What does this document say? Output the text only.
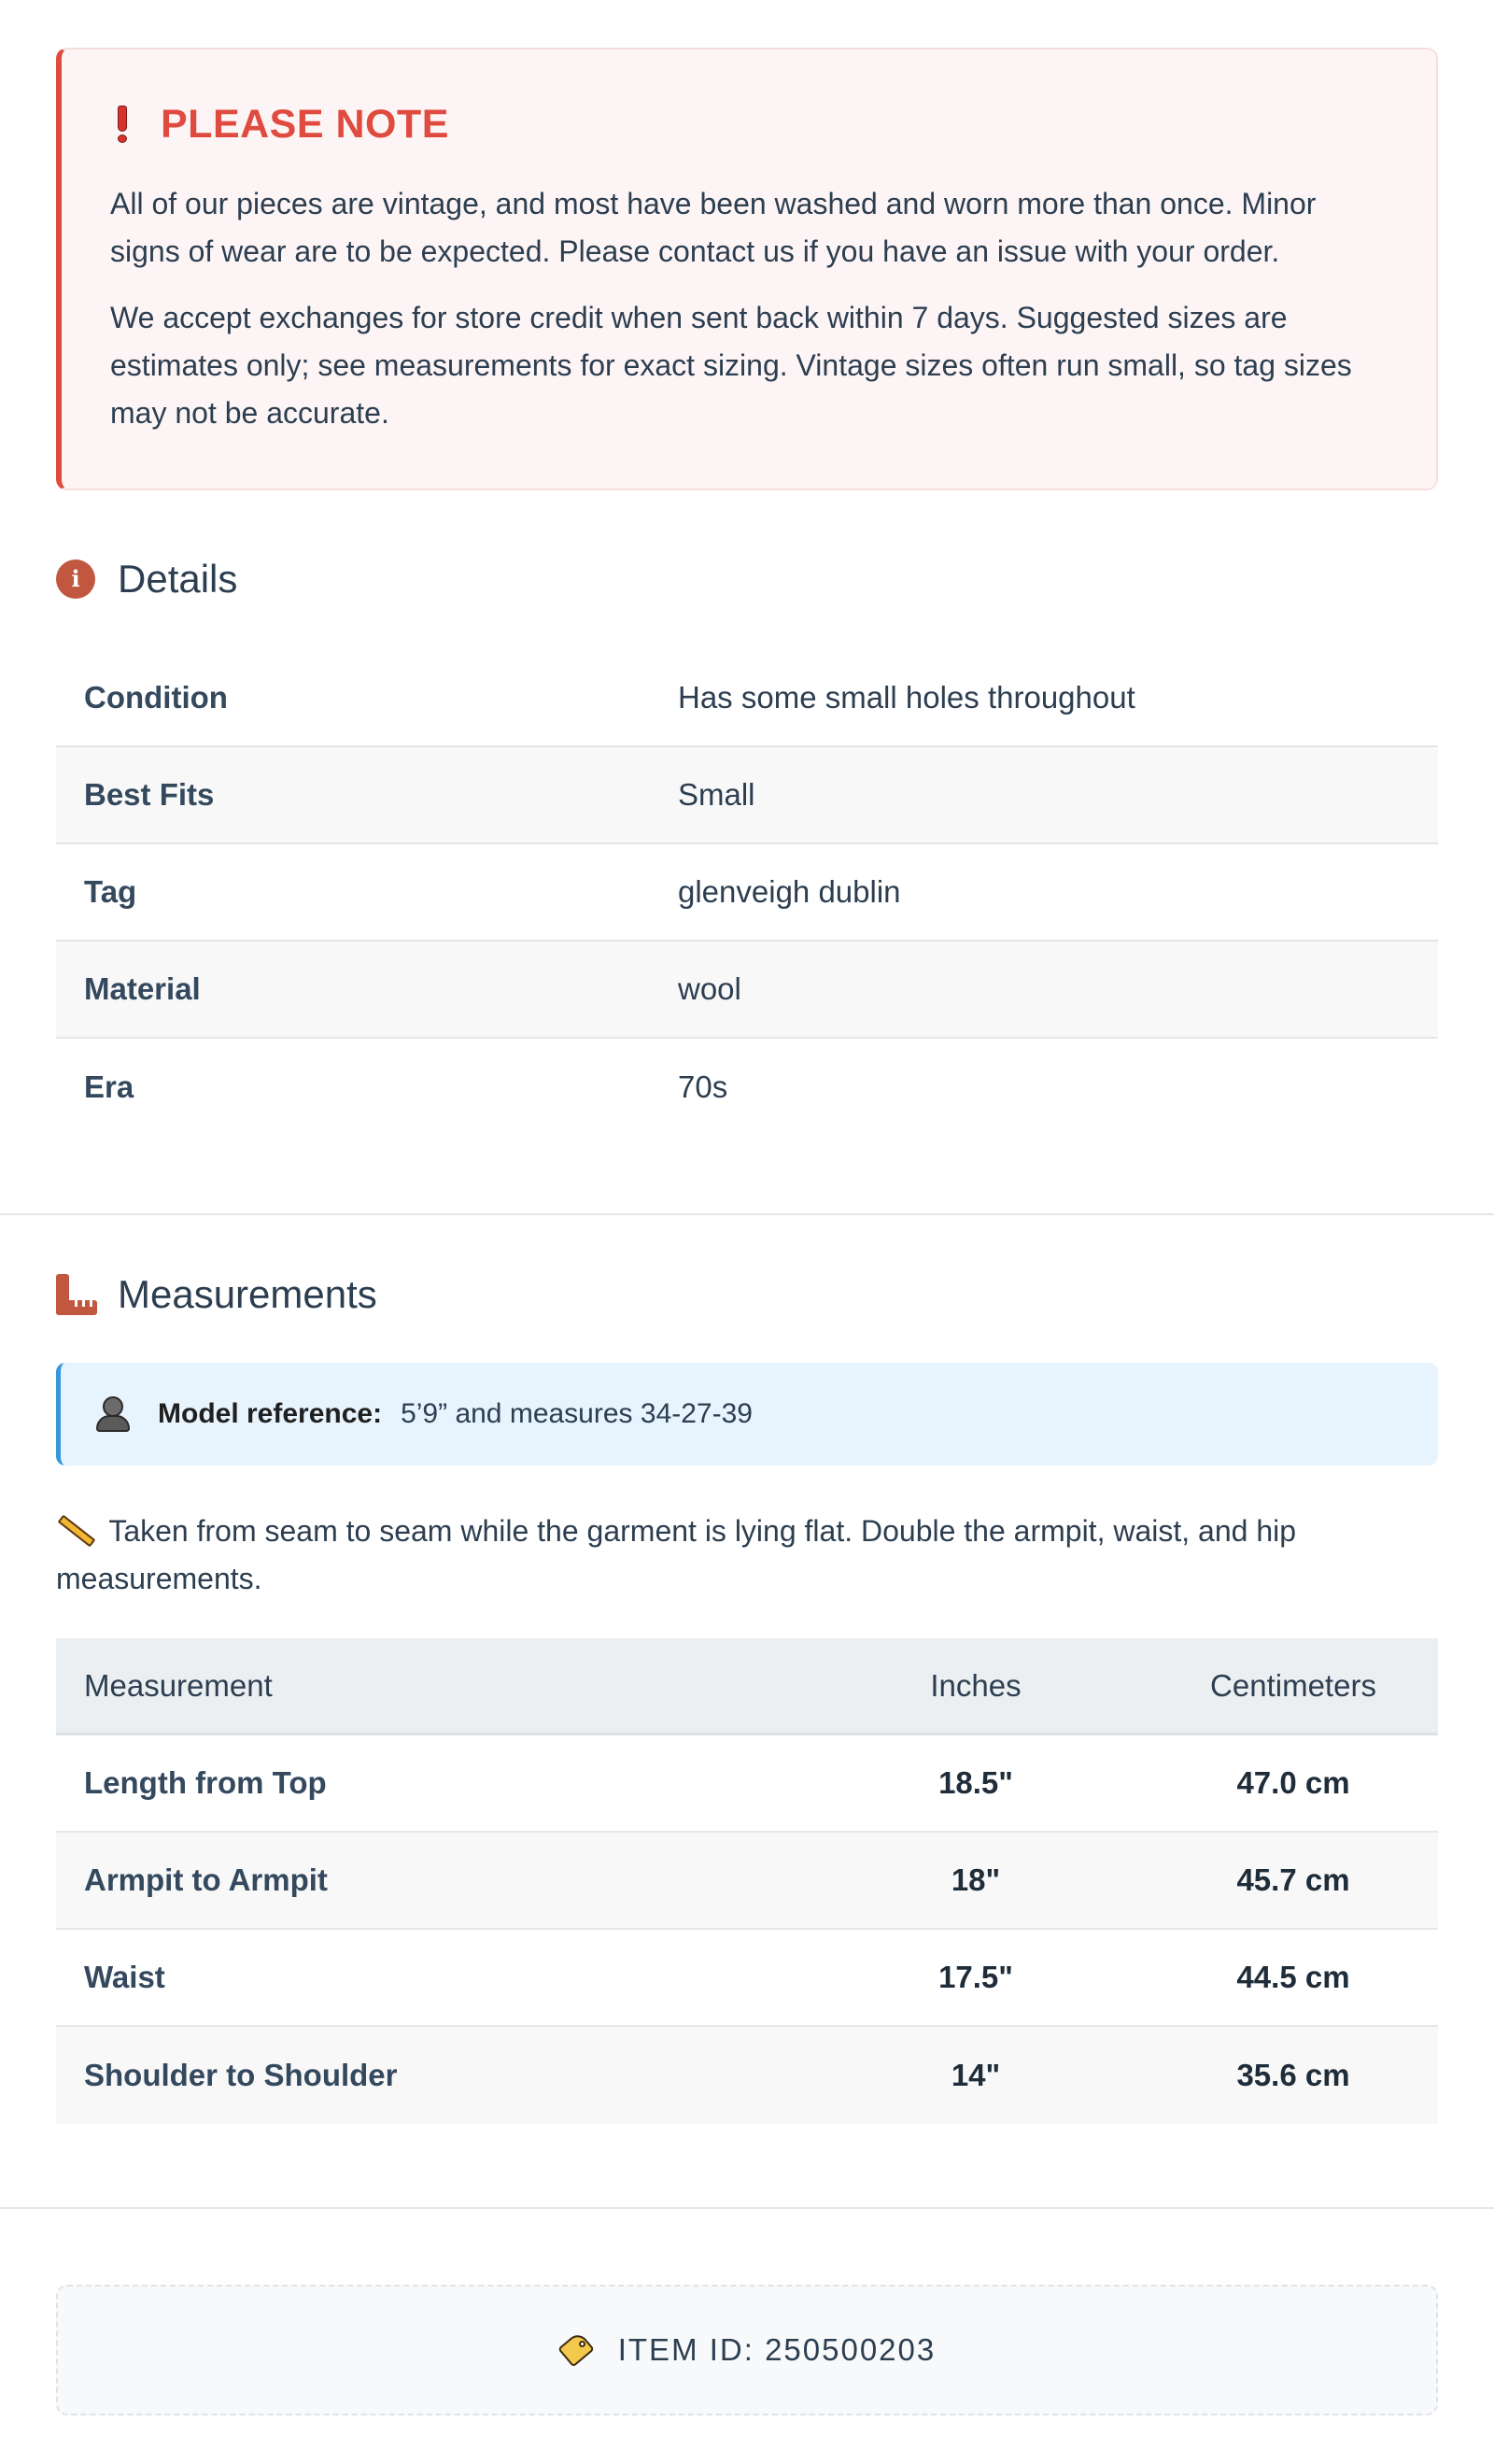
PLEASE NOTE

All of our pieces are vintage, and most have been washed and worn more than once. Minor signs of wear are to be expected. Please contact us if you have an issue with your order.

We accept exchanges for store credit when sent back within 7 days. Suggested sizes are estimates only; see measurements for exact sizing. Vintage sizes often run small, so tag sizes may not be accurate.

i Details
Condition	Has some small holes throughout
Best Fits	Small
Tag	glenveigh dublin
Material	wool
Era	70s
Measurements
Model reference: 5’9” and measures 34-27-39
Taken from seam to seam while the garment is lying flat. Double the armpit, waist, and hip measurements.
Measurement	Inches	Centimeters
Length from Top	18.5"	47.0 cm
Armpit to Armpit	18"	45.7 cm
Waist	17.5"	44.5 cm
Shoulder to Shoulder	14"	35.6 cm
ITEM ID: 250500203
